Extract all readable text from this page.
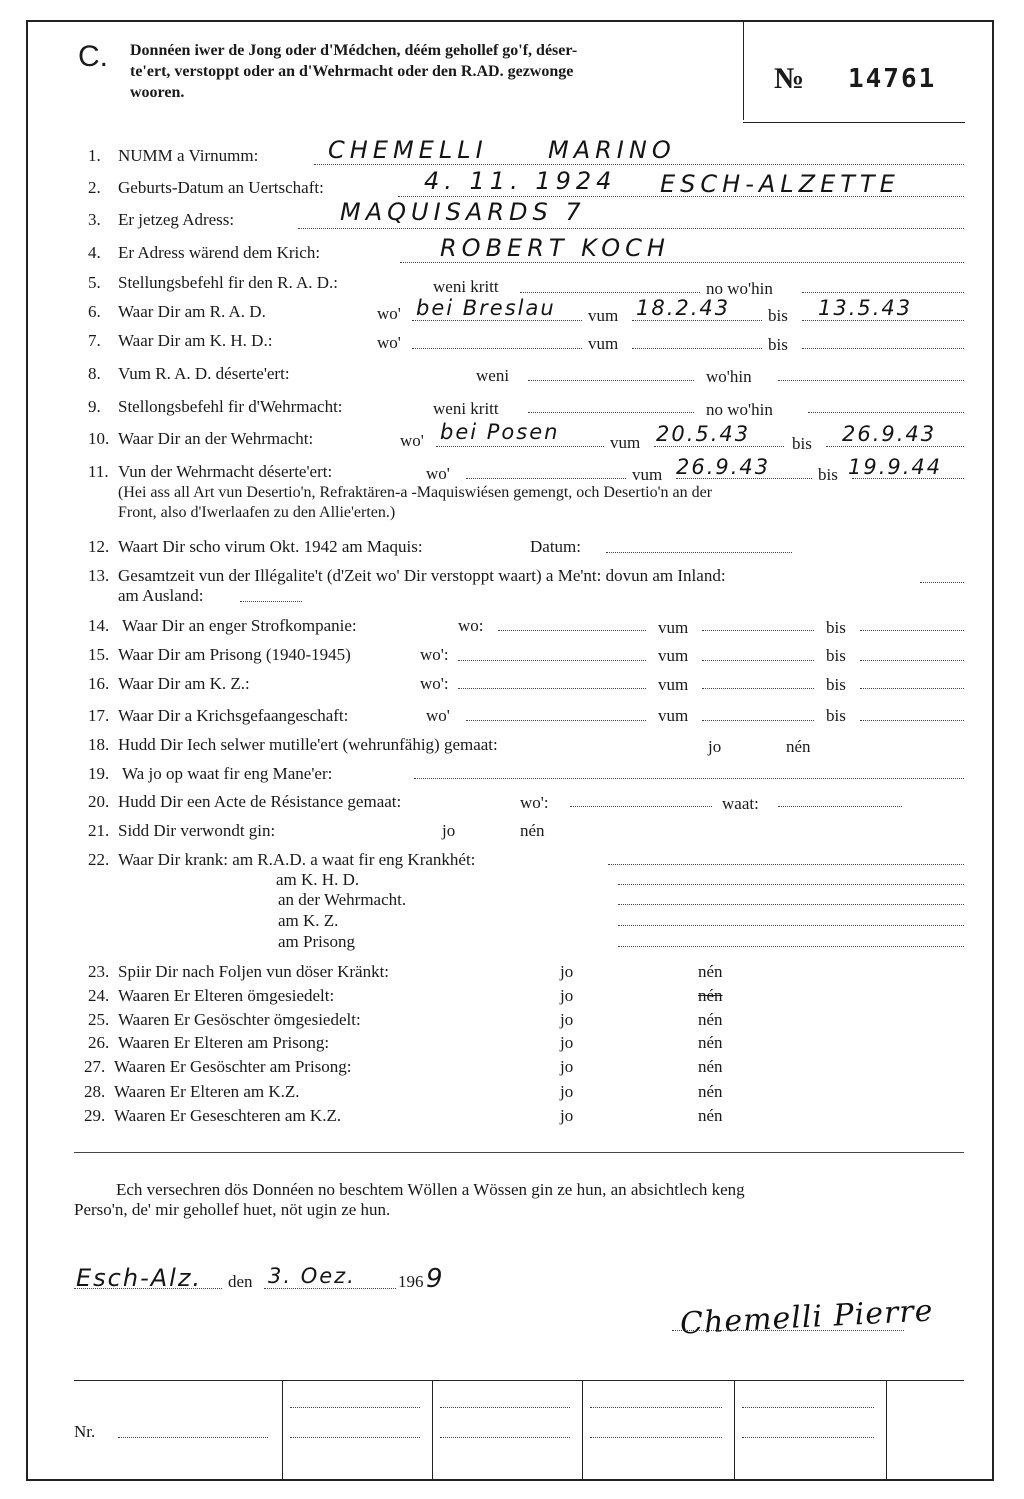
C. Donnéen iwer de Jong oder d'Médchen, déém gehollef go'f, déser-
te'ert, verstoppt oder an d'Wehrmacht oder den R.AD. gezwonge
wooren.	№ 14761
1. NUMM a Virnumm:	CHEMELLI	MARINO
2. Geburts-Datum an Uertschaft:	4. 11. 1924 ESCH-ALZETTE
3. Er jetzeg Adress:	MAQUISARDS 7
4. Er Adress wärend dem Krich:	ROBERT KOCH
5. Stellungsbefehl fir den R. A. D.:	weni kritt	no wo'hin
6. Waar Dir am R. A. D.	wo' bei Breslau vum 18.2.43 bis 13.5.43
7. Waar Dir am K. H. D.:	wo'	vum	bis
8. Vum R. A. D. déserte'ert:	weni	wo'hin
9. Stellongsbefehl fir d'Wehrmacht:	weni kritt	no wo'hin
10. Waar Dir an der Wehrmacht:	wo' bei Posen	vum 20.5.43 bis 26.9.43
11. Vun der Wehrmacht déserte'ert:	wo'	vum 26.9.43	bis 19.9.44
(Hei ass all Art vun Desertio'n, Refraktären-a -Maquiswiésen gemengt, och Desertio'n an der
Front, also d'Iwerlaafen zu den Allie'erten.)
12. Waart Dir scho virum Okt. 1942 am Maquis:	Datum:
13. Gesamtzeit vun der Illégalite't (d'Zeit wo' Dir verstoppt waart) a Me'nt: dovun am Inland:
am Ausland:
14. Waar Dir an enger Strofkompanie:	wo:	vum	bis
15. Waar Dir am Prisong (1940-1945)	wo':	vum	bis
16. Waar Dir am K. Z.:	wo':	vum	bis
17. Waar Dir a Krichsgefaangeschaft:	wo'	vum	bis
18. Hudd Dir Iech selwer mutille'ert (wehrunfähig) gemaat:	jo	nén
19. Wa jo op waat fir eng Mane'er:
20. Hudd Dir een Acte de Résistance gemaat:	wo':	waat:
21. Sidd Dir verwondt gin:	jo	nén
22. Waar Dir krank: am R.A.D. a waat fir eng Krankhét:
am K. H. D.
an der Wehrmacht.
am K. Z.
am Prisong
23. Spiir Dir nach Foljen vun döser Kränkt:	jo	nén
24. Waaren Er Elteren ömgesiedelt:	jo	nén
25. Waaren Er Gesöschter ömgesiedelt:	jo	nén
26. Waaren Er Elteren am Prisong:	jo	nén
27. Waaren Er Gesöschter am Prisong:	jo	nén
28. Waaren Er Elteren am K.Z.	jo	nén
29. Waaren Er Geseschteren am K.Z.	jo	nén
Ech versechren dös Donnéen no beschtem Wöllen a Wössen gin ze hun, an absichtlech keng
Perso'n, de' mir gehollef huet, nöt ugin ze hun.
Esch-Alz. den 3. Oez. 196 9
Chemelli Pierre
Nr.
